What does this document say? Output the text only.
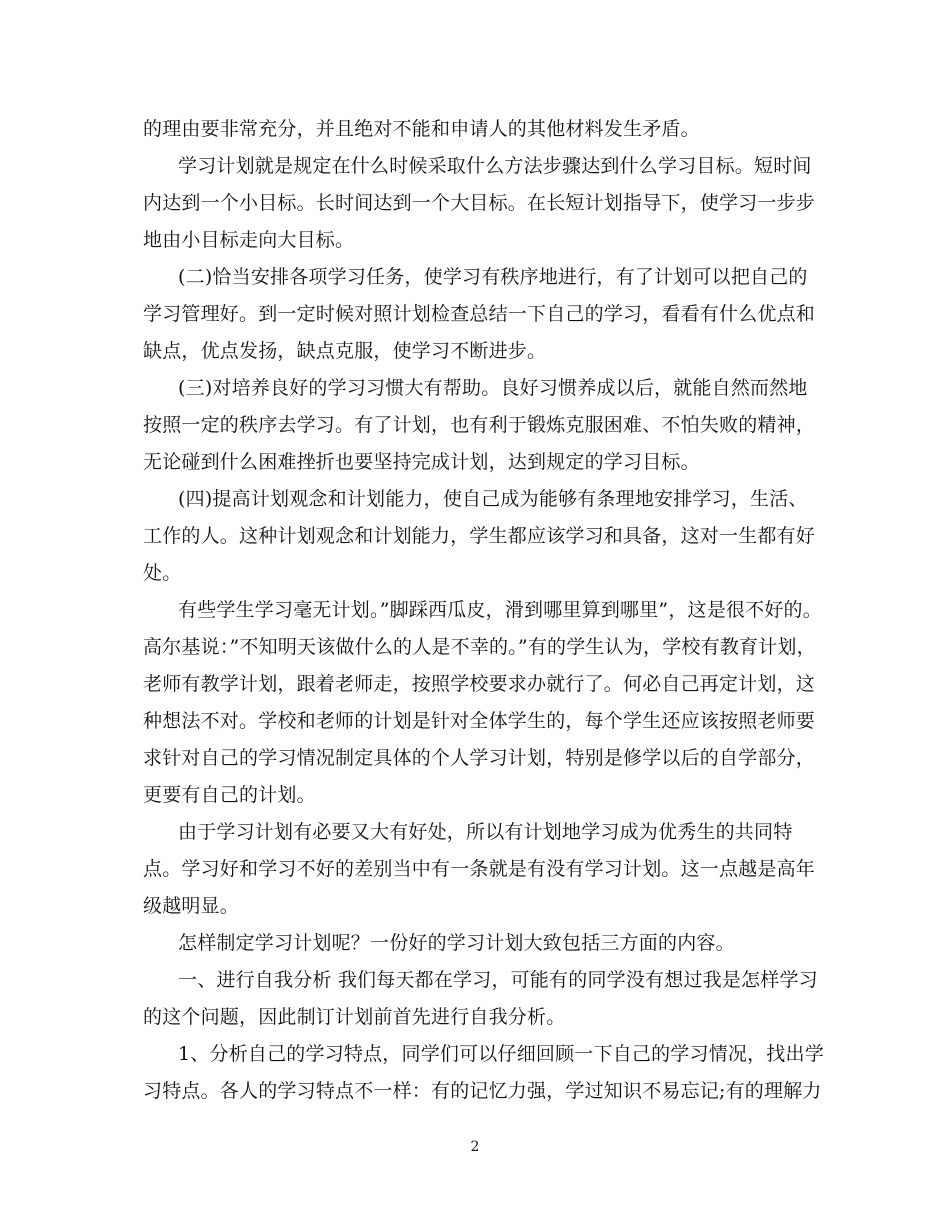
的理由要非常充分，并且绝对不能和申请人的其他材料发生矛盾。
学习计划就是规定在什么时候采取什么方法步骤达到什么学习目标。短时间
内达到一个小目标。长时间达到一个大目标。在长短计划指导下，使学习一步步
地由小目标走向大目标。
(二)恰当安排各项学习任务，使学习有秩序地进行，有了计划可以把自己的
学习管理好。到一定时候对照计划检查总结一下自己的学习，看看有什么优点和
缺点，优点发扬，缺点克服，使学习不断进步。
(三)对培养良好的学习习惯大有帮助。良好习惯养成以后，就能自然而然地
按照一定的秩序去学习。有了计划，也有利于锻炼克服困难、不怕失败的精神，
无论碰到什么困难挫折也要坚持完成计划，达到规定的学习目标。
(四)提高计划观念和计划能力，使自己成为能够有条理地安排学习，生活、
工作的人。这种计划观念和计划能力，学生都应该学习和具备，这对一生都有好
处。
有些学生学习毫无计划。”脚踩西瓜皮，滑到哪里算到哪里”，这是很不好的。
高尔基说：”不知明天该做什么的人是不幸的。”有的学生认为，学校有教育计划，
老师有教学计划，跟着老师走，按照学校要求办就行了。何必自己再定计划，这
种想法不对。学校和老师的计划是针对全体学生的，每个学生还应该按照老师要
求针对自己的学习情况制定具体的个人学习计划，特别是修学以后的自学部分，
更要有自己的计划。
由于学习计划有必要又大有好处，所以有计划地学习成为优秀生的共同特
点。学习好和学习不好的差别当中有一条就是有没有学习计划。这一点越是高年
级越明显。
怎样制定学习计划呢？一份好的学习计划大致包括三方面的内容。
一、进行自我分析 我们每天都在学习，可能有的同学没有想过我是怎样学习
的这个问题，因此制订计划前首先进行自我分析。
1、分析自己的学习特点，同学们可以仔细回顾一下自己的学习情况，找出学
习特点。各人的学习特点不一样：有的记忆力强，学过知识不易忘记;有的理解力
2
